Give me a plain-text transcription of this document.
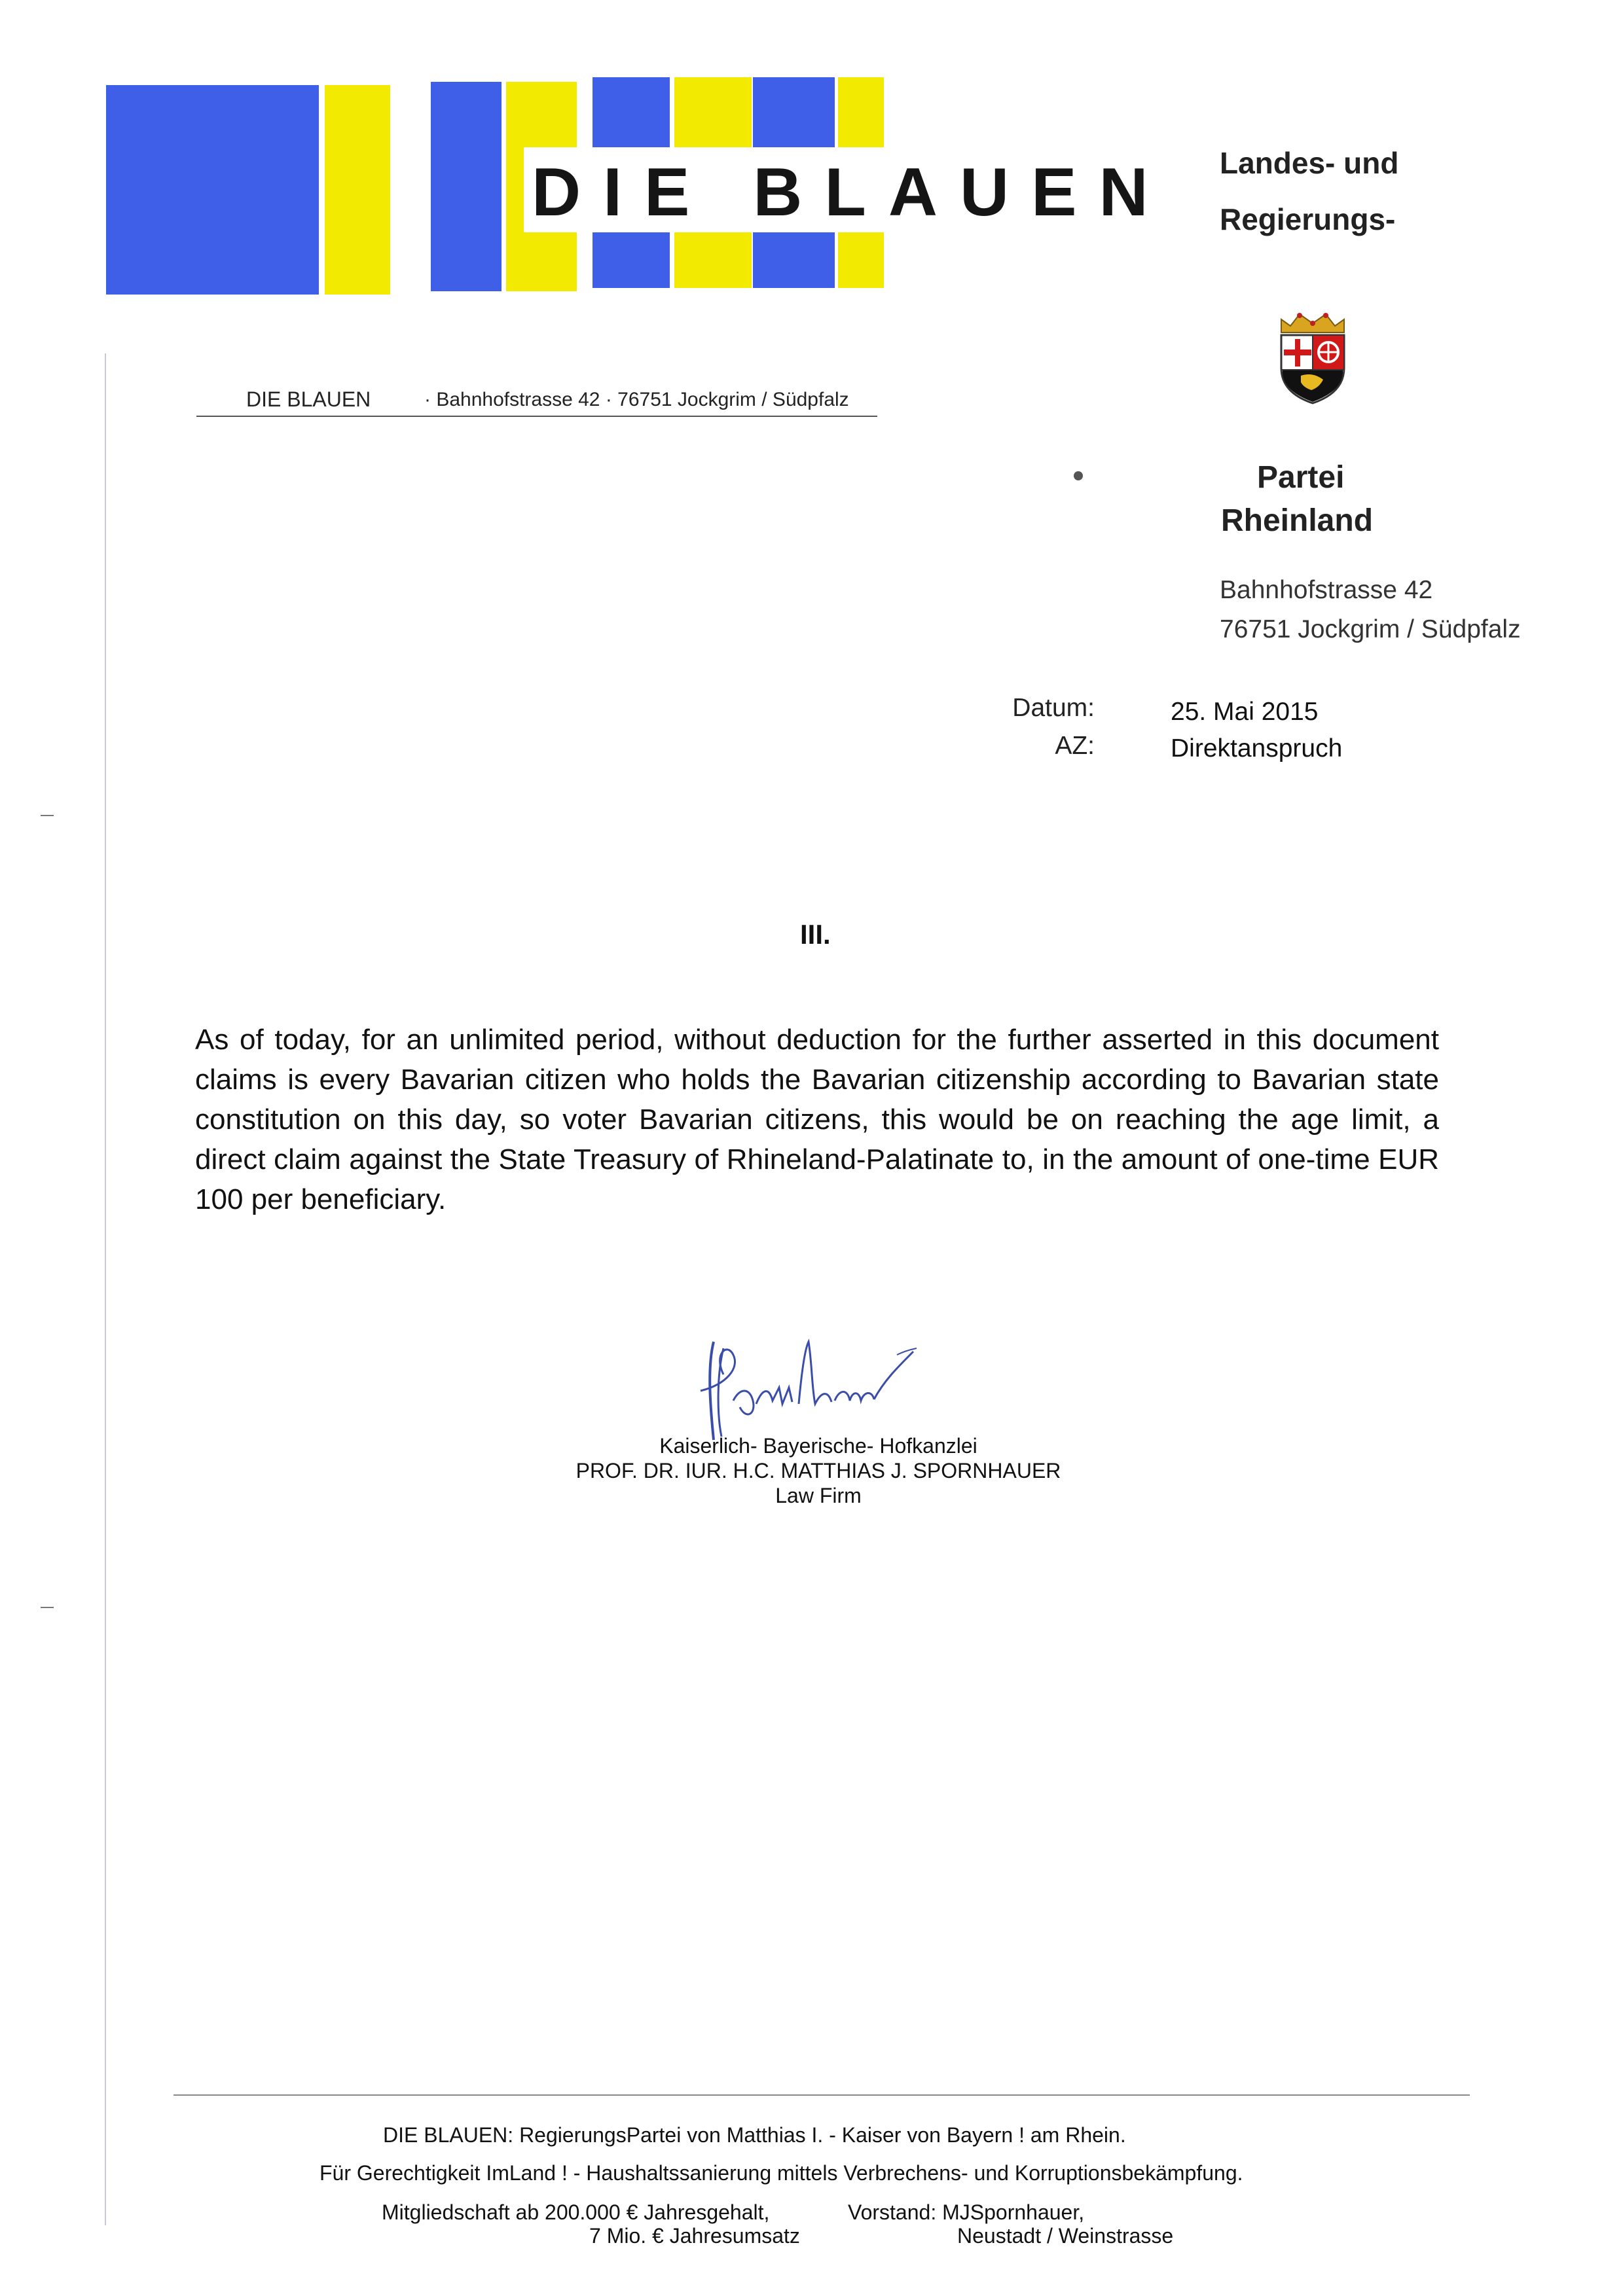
DIE BLAUEN Landes- und
Regierungs-
DIE BLAUEN	· Bahnhofstrasse 42 · 76751 Jockgrim / Südpfalz
Partei
Rheinland
Bahnhofstrasse 42
76751 Jockgrim / Südpfalz
Datum:	25. Mai 2015
AZ:	Direktanspruch
III.
As of today, for an unlimited period, without deduction for the further asserted in this document claims is every Bavarian citizen who holds the Bavarian citizenship according to Bavarian state constitution on this day, so voter Bavarian citizens, this would be on reaching the age limit, a direct claim against the State Treasury of Rhineland-Palatinate to, in the amount of one-time EUR 100 per beneficiary.
Kaiserlich- Bayerische- Hofkanzlei
PROF. DR. IUR. H.C. MATTHIAS J. SPORNHAUER
Law Firm
DIE BLAUEN: RegierungsPartei von Matthias I. - Kaiser von Bayern ! am Rhein.
Für Gerechtigkeit ImLand ! - Haushaltssanierung mittels Verbrechens- und Korruptionsbekämpfung.
Mitgliedschaft ab 200.000 € Jahresgehalt,	Vorstand: MJSpornhauer,
7 Mio. € Jahresumsatz	Neustadt / Weinstrasse
